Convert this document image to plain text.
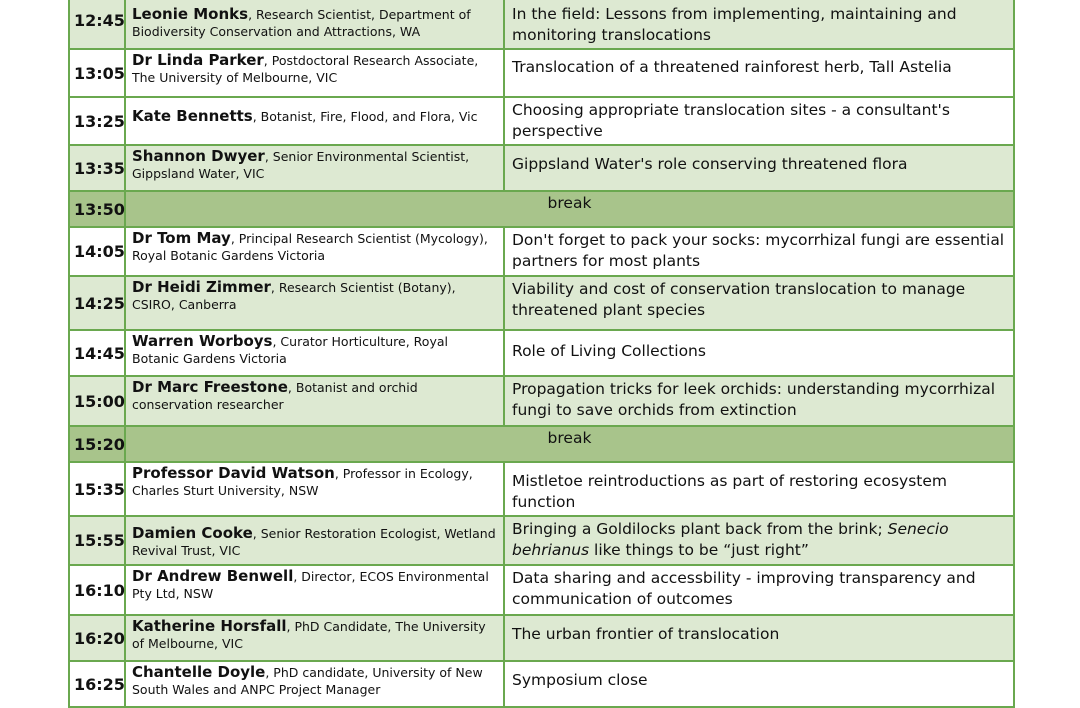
12:45	Leonie Monks, Research Scientist, Department of Biodiversity Conservation and Attractions, WA	In the field: Lessons from implementing, maintaining and monitoring translocations
13:05	Dr Linda Parker, Postdoctoral Research Associate, The University of Melbourne, VIC	Translocation of a threatened rainforest herb, Tall Astelia
13:25	Kate Bennetts, Botanist, Fire, Flood, and Flora, Vic	Choosing appropriate translocation sites - a consultant's perspective
13:35	Shannon Dwyer, Senior Environmental Scientist, Gippsland Water, VIC	Gippsland Water's role conserving threatened flora
13:50	break	
14:05	Dr Tom May, Principal Research Scientist (Mycology), Royal Botanic Gardens Victoria	Don't forget to pack your socks: mycorrhizal fungi are essential partners for most plants
14:25	Dr Heidi Zimmer, Research Scientist (Botany), CSIRO, Canberra	Viability and cost of conservation translocation to manage threatened plant species
14:45	Warren Worboys, Curator Horticulture, Royal Botanic Gardens Victoria	Role of Living Collections
15:00	Dr Marc Freestone, Botanist and orchid conservation researcher	Propagation tricks for leek orchids: understanding mycorrhizal fungi to save orchids from extinction
15:20	break	
15:35	Professor David Watson, Professor in Ecology, Charles Sturt University, NSW	Mistletoe reintroductions as part of restoring ecosystem function
15:55	Damien Cooke, Senior Restoration Ecologist, Wetland Revival Trust, VIC	Bringing a Goldilocks plant back from the brink; Senecio behrianus like things to be “just right”
16:10	Dr Andrew Benwell, Director, ECOS Environmental Pty Ltd, NSW	Data sharing and accessbility - improving transparency and communication of outcomes
16:20	Katherine Horsfall, PhD Candidate, The University of Melbourne, VIC	The urban frontier of translocation
16:25	Chantelle Doyle, PhD candidate, University of New South Wales and ANPC Project Manager	Symposium close
